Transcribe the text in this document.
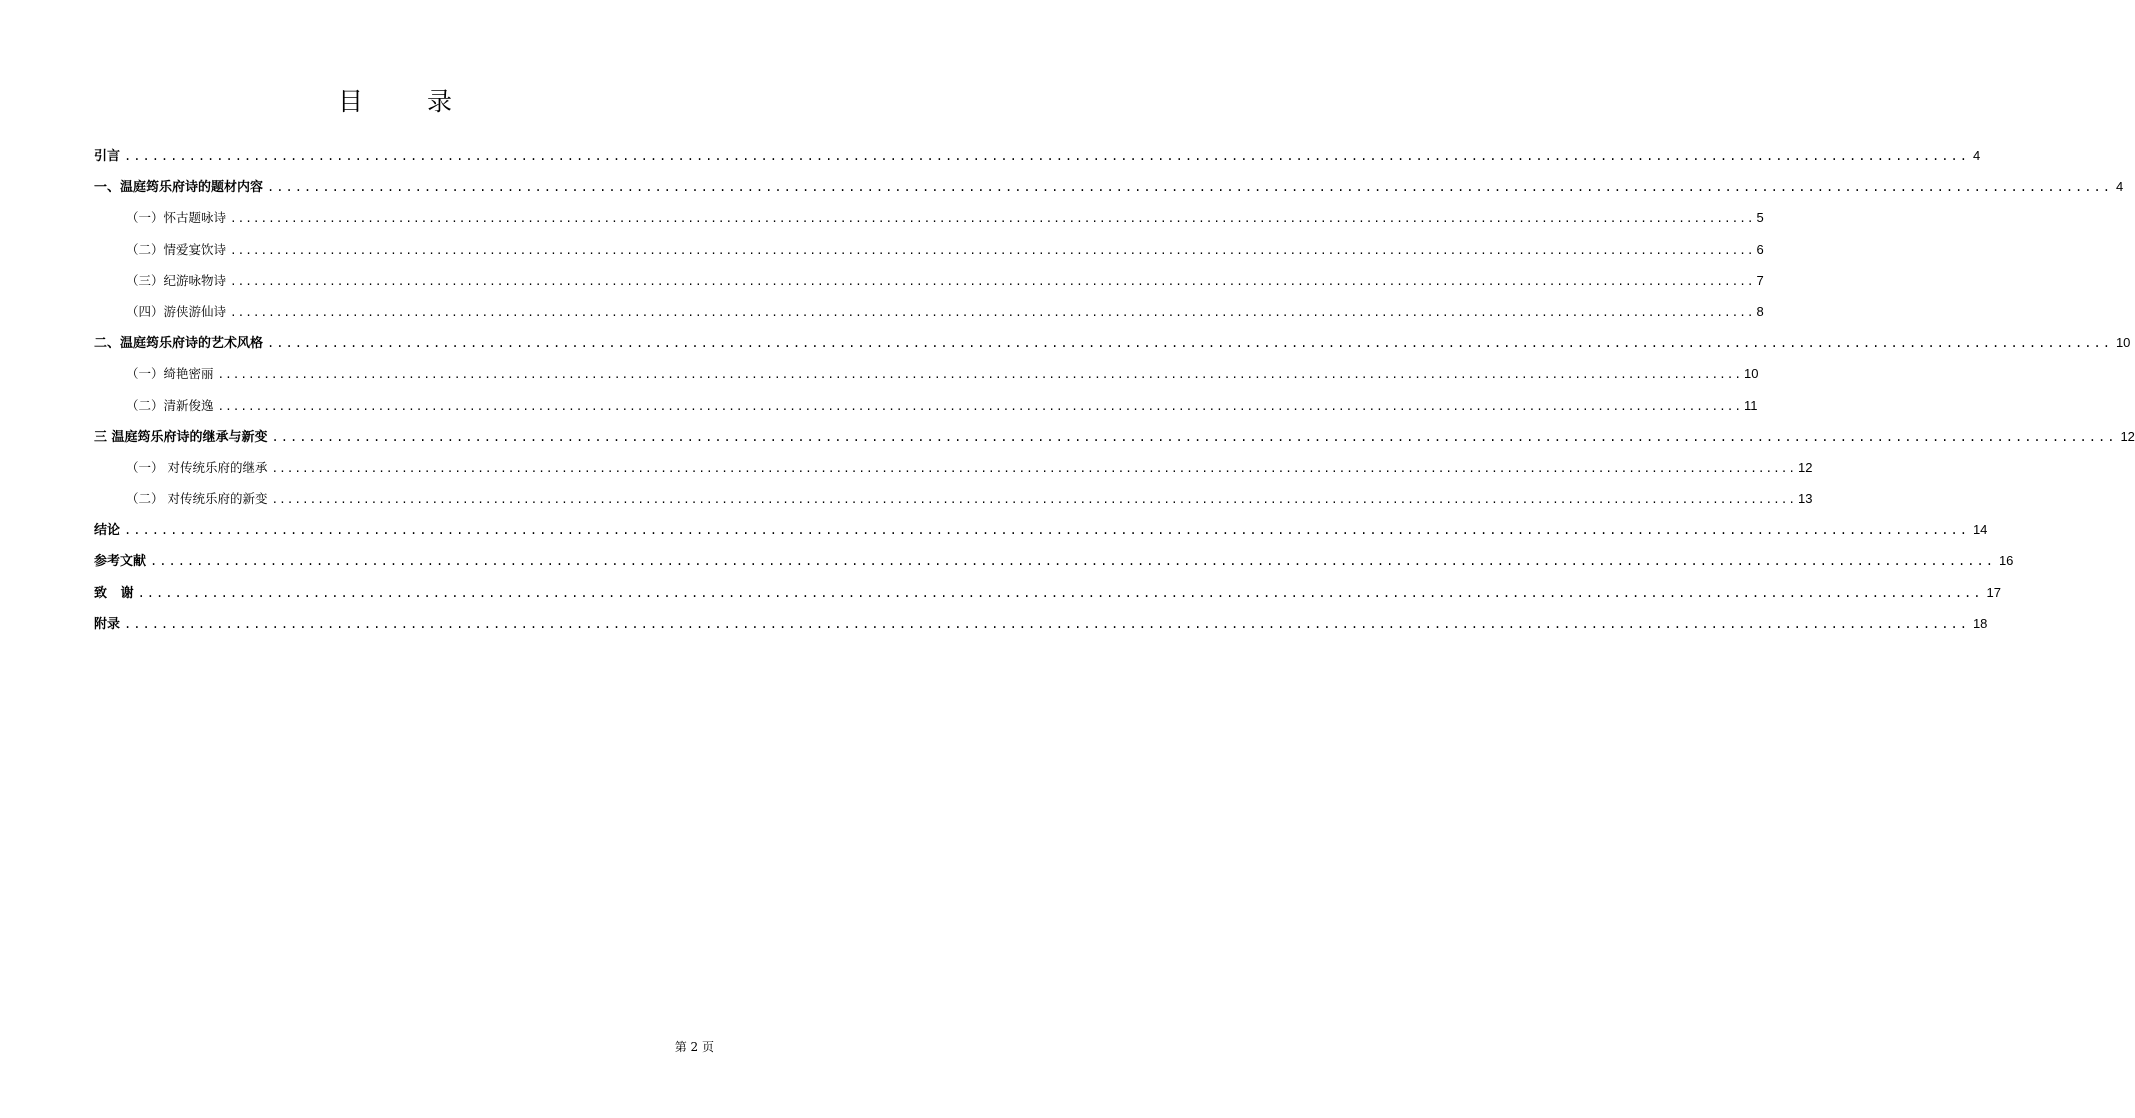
目 录
引言 ........................................................................................................................................................................................................ 4
一、温庭筠乐府诗的题材内容 ........................................................................................................................................................................................................ 4
（一）怀古题咏诗 ........................................................................................................................................................................................................ 5
（二）情爱宴饮诗 ........................................................................................................................................................................................................ 6
（三）纪游咏物诗 ........................................................................................................................................................................................................ 7
（四）游侠游仙诗 ........................................................................................................................................................................................................ 8
二、温庭筠乐府诗的艺术风格 ........................................................................................................................................................................................................ 10
（一）绮艳密丽 ........................................................................................................................................................................................................ 10
（二）清新俊逸 ........................................................................................................................................................................................................ 11
三 温庭筠乐府诗的继承与新变 ........................................................................................................................................................................................................ 12
（一） 对传统乐府的继承 ........................................................................................................................................................................................................ 12
（二） 对传统乐府的新变 ........................................................................................................................................................................................................ 13
结论 ........................................................................................................................................................................................................ 14
参考文献 ........................................................................................................................................................................................................ 16
致   谢 ........................................................................................................................................................................................................ 17
附录 ........................................................................................................................................................................................................ 18
第 2 页
